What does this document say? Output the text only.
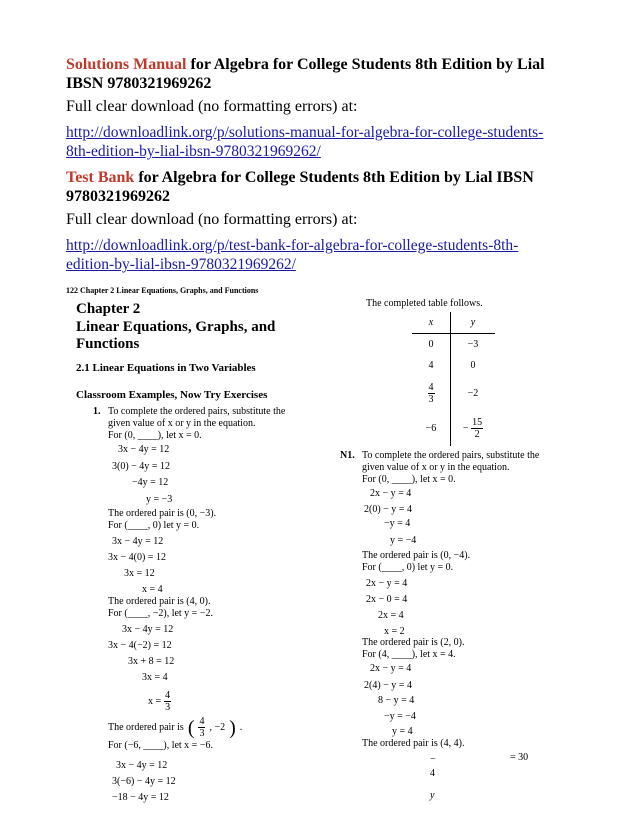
Solutions Manual for Algebra for College Students 8th Edition by Lial
IBSN 9780321969262
Full clear download (no formatting errors) at:
http://downloadlink.org/p/solutions-manual-for-algebra-for-college-students-
8th-edition-by-lial-ibsn-9780321969262/
Test Bank for Algebra for College Students 8th Edition by Lial IBSN
9780321969262
Full clear download (no formatting errors) at:
http://downloadlink.org/p/test-bank-for-algebra-for-college-students-8th-
edition-by-lial-ibsn-9780321969262/
122 Chapter 2 Linear Equations, Graphs, and Functions
Chapter 2
Linear Equations, Graphs, and
Functions
2.1 Linear Equations in Two Variables
Classroom Examples, Now Try Exercises
1. To complete the ordered pairs, substitute the
given value of x or y in the equation.
For (0, ____), let x = 0.
3x − 4y = 12
3(0) − 4y = 12
−4y = 12
y = −3
The ordered pair is (0, −3).
For (____, 0) let y = 0.
3x − 4y = 12
3x − 4(0) = 12
3x = 12
x = 4
The ordered pair is (4, 0).
For (____, −2), let y = −2.
3x − 4y = 12
3x − 4(−2) = 12
3x + 8 = 12
3x = 4
$x = \frac{4}{3}$
The ordered pair is ( $\frac{4}{3}$ , −2 ) .
For (−6, ____), let x = −6.
3x − 4y = 12
3(−6) − 4y = 12
−18 − 4y = 12
The completed table follows.
x	y
0	−3
4	0

$\frac{4}{3}$	−2
−6	− $\frac{15}{2}$
N1. To complete the ordered pairs, substitute the
given value of x or y in the equation.
For (0, ____), let x = 0.
2x − y = 4
2(0) − y = 4
−y = 4
y = −4
The ordered pair is (0, −4).
For (____, 0) let y = 0.
2x − y = 4
2x − 0 = 4
2x = 4
x = 2
The ordered pair is (2, 0).
For (4, ____), let x = 4.
2x − y = 4
2(4) − y = 4
8 − y = 4
−y = −4
y = 4
The ordered pair is (4, 4).
−	= 30
4
y
